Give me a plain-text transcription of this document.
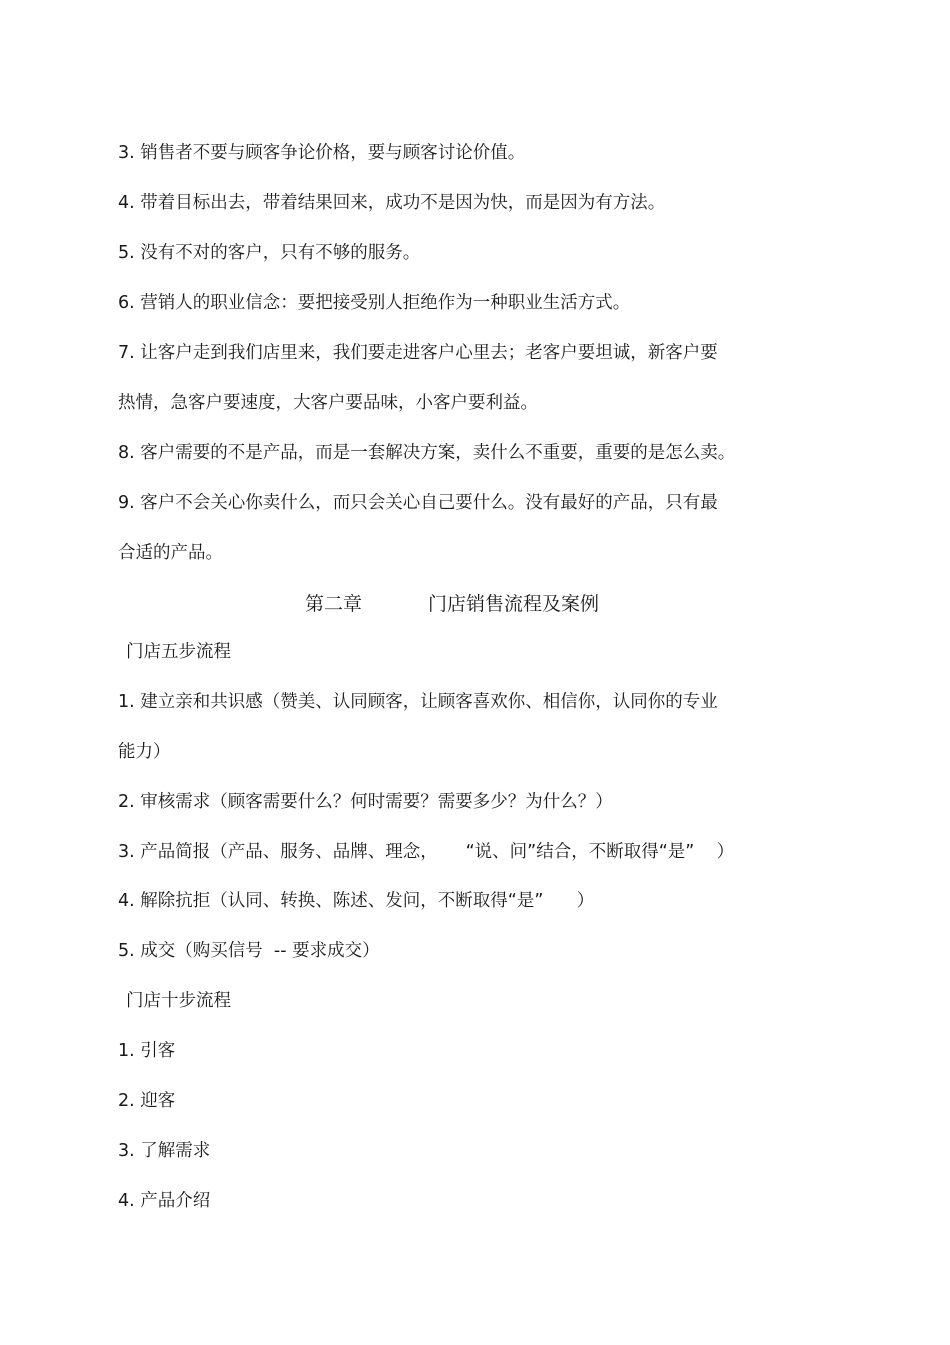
3. 销售者不要与顾客争论价格，要与顾客讨论价值。

4. 带着目标出去，带着结果回来，成功不是因为快，而是因为有方法。

5. 没有不对的客户，只有不够的服务。

6. 营销人的职业信念：要把接受别人拒绝作为一种职业生活方式。

7. 让客户走到我们店里来，我们要走进客户心里去；老客户要坦诚，新客户要

热情，急客户要速度，大客户要品味，小客户要利益。

8. 客户需要的不是产品，而是一套解决方案，卖什么不重要，重要的是怎么卖。

9. 客户不会关心你卖什么，而只会关心自己要什么。没有最好的产品，只有最

合适的产品。

第二章	门店销售流程及案例

门店五步流程

1. 建立亲和共识感（赞美、认同顾客，让顾客喜欢你、相信你，认同你的专业

能力）

2. 审核需求（顾客需要什么？何时需要？需要多少？为什么？）

3. 产品简报（产品、服务、品牌、理念，     “说、问”结合，不断取得“是”    ）

4. 解除抗拒（认同、转换、陈述、发问，不断取得“是”      ）

5. 成交（购买信号  -- 要求成交）

门店十步流程

1. 引客

2. 迎客

3. 了解需求

4. 产品介绍
